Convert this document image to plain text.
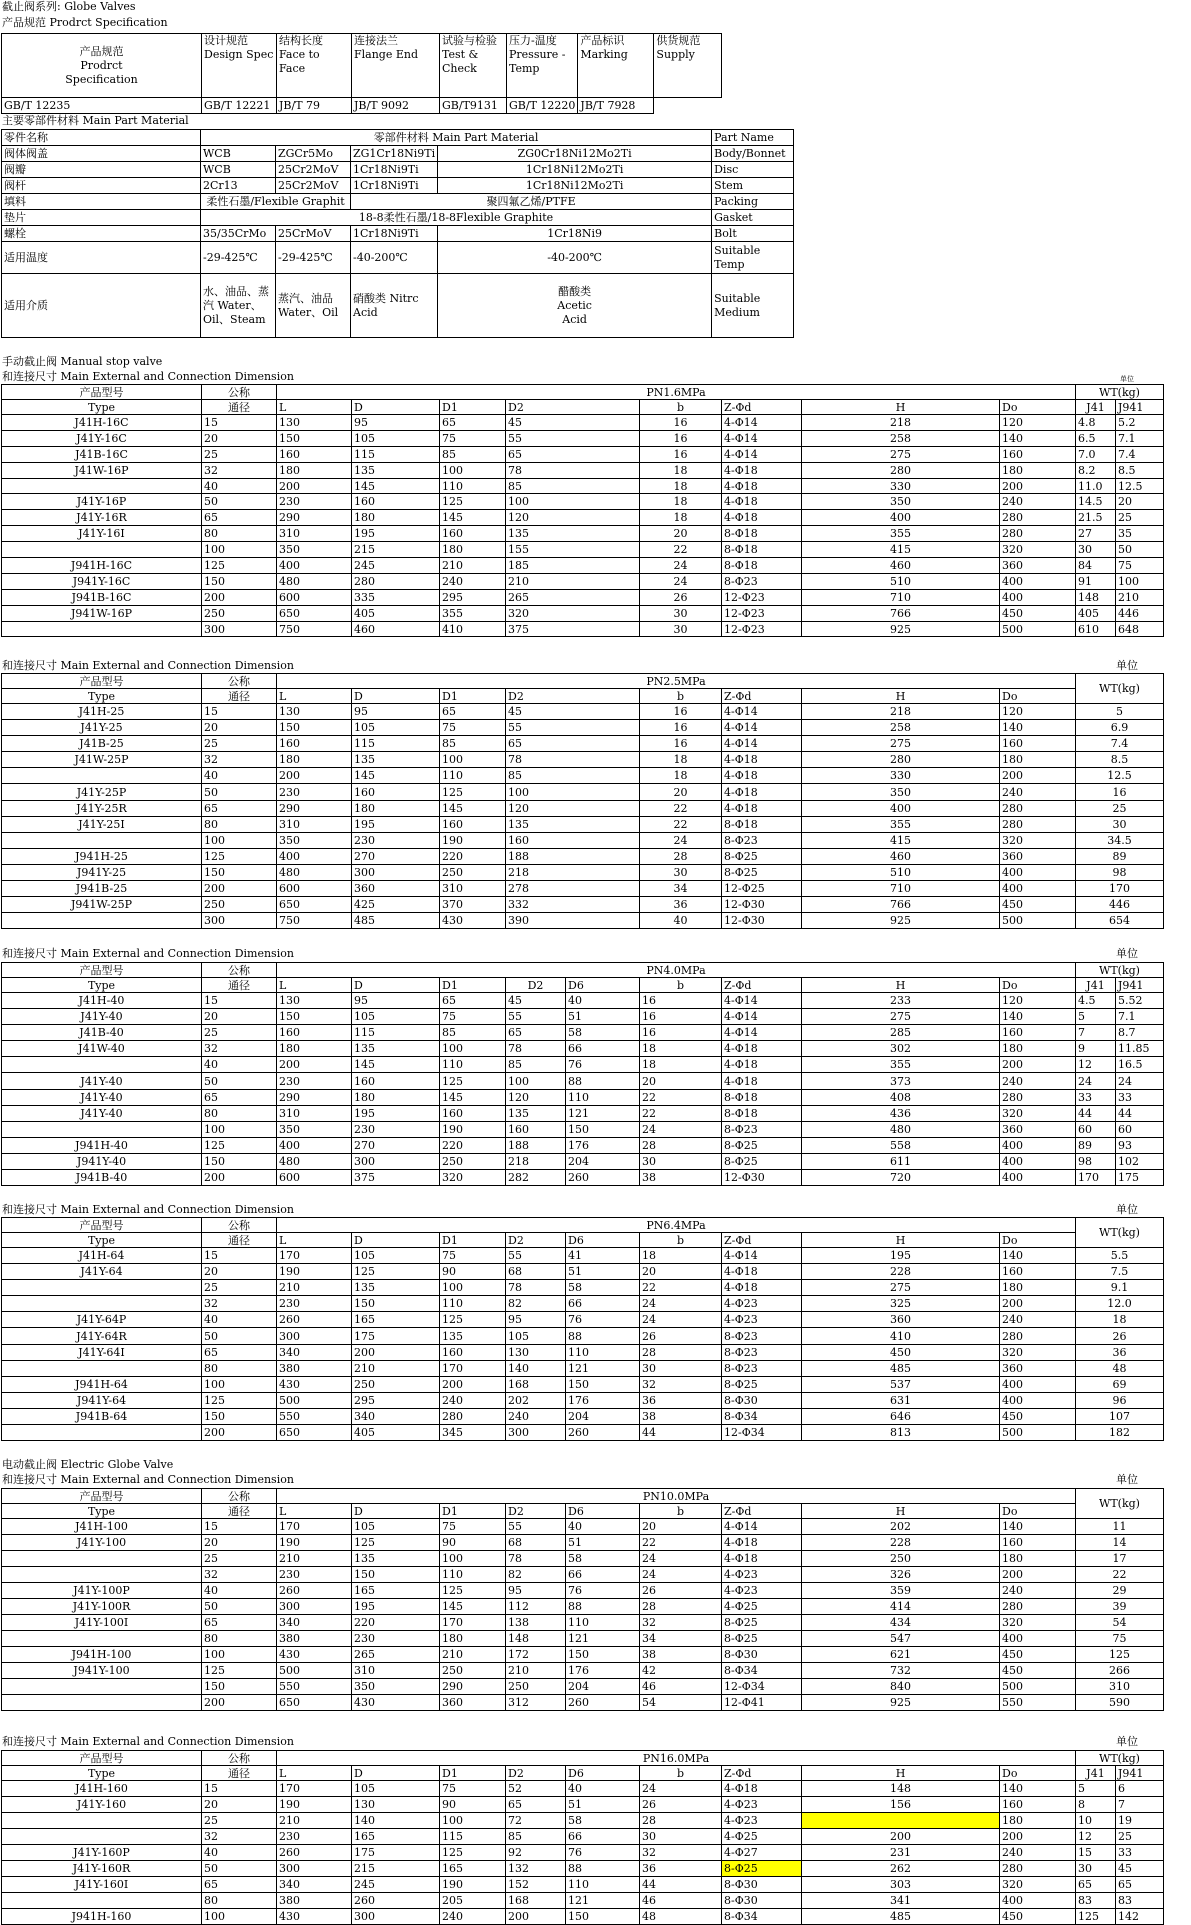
截止阀系列: Globe Valves
产品规范 Prodrct Specification
产品规范
Prodrct
Specification	设计规范 Design Spec	结构长度 Face to Face	连接法兰 Flange End	试验与检验 Test & Check	压力-温度 Pressure -Temp	产品标识 Marking	供货规范 Supply
GB/T 12235	GB/T 12221	JB/T 79	JB/T 9092	GB/T9131	GB/T 12220	JB/T 7928	
主要零部件材料 Main Part Material
零件名称	零部件材料 Main Part Material				Part Name
阀体阀盖	WCB	ZGCr5Mo	ZG1Cr18Ni9Ti	ZG0Cr18Ni12Mo2Ti	Body/Bonnet
阀瓣	WCB	25Cr2MoV	1Cr18Ni9Ti	1Cr18Ni12Mo2Ti	Disc
阀杆	2Cr13	25Cr2MoV	1Cr18Ni9Ti	1Cr18Ni12Mo2Ti	Stem
填料	柔性石墨/Flexible Graphit		聚四氟乙烯/PTFE		Packing
垫片	18-8柔性石墨/18-8Flexible Graphite				Gasket
螺栓	35/35CrMo	25CrMoV	1Cr18Ni9Ti	1Cr18Ni9	Bolt
适用温度	-29-425℃	-29-425℃	-40-200℃	-40-200℃	Suitable Temp
适用介质	水、油品、蒸汽 Water、Oil、Steam	蒸汽、油品 Water、Oil	硝酸类 Nitrc Acid	醋酸类 Acetic Acid	Suitable Medium
手动截止阀 Manual stop valve
电动截止阀 Electric Globe Valve
和连接尺寸 Main External and Connection Dimension	单位
产品型号	公称	PN1.6MPa								WT(kg)	
Type	通径	L	D	D1	D2	b	Z-Φd	H	Do	J41	J941
J41H-16C	15	130	95	65	45	16	4-Φ14	218	120	4.8	5.2
J41Y-16C	20	150	105	75	55	16	4-Φ14	258	140	6.5	7.1
J41B-16C	25	160	115	85	65	16	4-Φ14	275	160	7.0	7.4
J41W-16P	32	180	135	100	78	18	4-Φ18	280	180	8.2	8.5
	40	200	145	110	85	18	4-Φ18	330	200	11.0	12.5
J41Y-16P	50	230	160	125	100	18	4-Φ18	350	240	14.5	20
J41Y-16R	65	290	180	145	120	18	4-Φ18	400	280	21.5	25
J41Y-16I	80	310	195	160	135	20	8-Φ18	355	280	27	35
	100	350	215	180	155	22	8-Φ18	415	320	30	50
J941H-16C	125	400	245	210	185	24	8-Φ18	460	360	84	75
J941Y-16C	150	480	280	240	210	24	8-Φ23	510	400	91	100
J941B-16C	200	600	335	295	265	26	12-Φ23	710	400	148	210
J941W-16P	250	650	405	355	320	30	12-Φ23	766	450	405	446
	300	750	460	410	375	30	12-Φ23	925	500	610	648
和连接尺寸 Main External and Connection Dimension	单位
产品型号	公称	PN2.5MPa								WT(kg)
Type	通径	L	D	D1	D2	b	Z-Φd	H	Do	
J41H-25	15	130	95	65	45	16	4-Φ14	218	120	5
J41Y-25	20	150	105	75	55	16	4-Φ14	258	140	6.9
J41B-25	25	160	115	85	65	16	4-Φ14	275	160	7.4
J41W-25P	32	180	135	100	78	18	4-Φ18	280	180	8.5
	40	200	145	110	85	18	4-Φ18	330	200	12.5
J41Y-25P	50	230	160	125	100	20	4-Φ18	350	240	16
J41Y-25R	65	290	180	145	120	22	4-Φ18	400	280	25
J41Y-25I	80	310	195	160	135	22	8-Φ18	355	280	30
	100	350	230	190	160	24	8-Φ23	415	320	34.5
J941H-25	125	400	270	220	188	28	8-Φ25	460	360	89
J941Y-25	150	480	300	250	218	30	8-Φ25	510	400	98
J941B-25	200	600	360	310	278	34	12-Φ25	710	400	170
J941W-25P	250	650	425	370	332	36	12-Φ30	766	450	446
	300	750	485	430	390	40	12-Φ30	925	500	654
和连接尺寸 Main External and Connection Dimension	单位
产品型号	公称	PN4.0MPa									WT(kg)	
Type	通径	L	D	D1	D2	D6	b	Z-Φd	H	Do	J41	J941
J41H-40	15	130	95	65	45	40	16	4-Φ14	233	120	4.5	5.52
J41Y-40	20	150	105	75	55	51	16	4-Φ14	275	140	5	7.1
J41B-40	25	160	115	85	65	58	16	4-Φ14	285	160	7	8.7
J41W-40	32	180	135	100	78	66	18	4-Φ18	302	180	9	11.85
	40	200	145	110	85	76	18	4-Φ18	355	200	12	16.5
J41Y-40	50	230	160	125	100	88	20	4-Φ18	373	240	24	24
J41Y-40	65	290	180	145	120	110	22	8-Φ18	408	280	33	33
J41Y-40	80	310	195	160	135	121	22	8-Φ18	436	320	44	44
	100	350	230	190	160	150	24	8-Φ23	480	360	60	60
J941H-40	125	400	270	220	188	176	28	8-Φ25	558	400	89	93
J941Y-40	150	480	300	250	218	204	30	8-Φ25	611	400	98	102
J941B-40	200	600	375	320	282	260	38	12-Φ30	720	400	170	175
和连接尺寸 Main External and Connection Dimension	单位
产品型号	公称	PN6.4MPa									WT(kg)
Type	通径	L	D	D1	D2	D6	b	Z-Φd	H	Do	
J41H-64	15	170	105	75	55	41	18	4-Φ14	195	140	5.5
J41Y-64	20	190	125	90	68	51	20	4-Φ18	228	160	7.5
	25	210	135	100	78	58	22	4-Φ18	275	180	9.1
	32	230	150	110	82	66	24	4-Φ23	325	200	12.0
J41Y-64P	40	260	165	125	95	76	24	4-Φ23	360	240	18
J41Y-64R	50	300	175	135	105	88	26	8-Φ23	410	280	26
J41Y-64I	65	340	200	160	130	110	28	8-Φ23	450	320	36
	80	380	210	170	140	121	30	8-Φ23	485	360	48
J941H-64	100	430	250	200	168	150	32	8-Φ25	537	400	69
J941Y-64	125	500	295	240	202	176	36	8-Φ30	631	400	96
J941B-64	150	550	340	280	240	204	38	8-Φ34	646	450	107
	200	650	405	345	300	260	44	12-Φ34	813	500	182
和连接尺寸 Main External and Connection Dimension	单位
产品型号	公称	PN10.0MPa									WT(kg)
Type	通径	L	D	D1	D2	D6	b	Z-Φd	H	Do	
J41H-100	15	170	105	75	55	40	20	4-Φ14	202	140	11
J41Y-100	20	190	125	90	68	51	22	4-Φ18	228	160	14
	25	210	135	100	78	58	24	4-Φ18	250	180	17
	32	230	150	110	82	66	24	4-Φ23	326	200	22
J41Y-100P	40	260	165	125	95	76	26	4-Φ23	359	240	29
J41Y-100R	50	300	195	145	112	88	28	4-Φ25	414	280	39
J41Y-100I	65	340	220	170	138	110	32	8-Φ25	434	320	54
	80	380	230	180	148	121	34	8-Φ25	547	400	75
J941H-100	100	430	265	210	172	150	38	8-Φ30	621	450	125
J941Y-100	125	500	310	250	210	176	42	8-Φ34	732	450	266
	150	550	350	290	250	204	46	12-Φ34	840	500	310
	200	650	430	360	312	260	54	12-Φ41	925	550	590
和连接尺寸 Main External and Connection Dimension	单位
产品型号	公称	PN16.0MPa									WT(kg)	
Type	通径	L	D	D1	D2	D6	b	Z-Φd	H	Do	J41	J941
J41H-160	15	170	105	75	52	40	24	4-Φ18	148	140	5	6
J41Y-160	20	190	130	90	65	51	26	4-Φ23	156	160	8	7
	25	210	140	100	72	58	28	4-Φ23		180	10	19
	32	230	165	115	85	66	30	4-Φ25	200	200	12	25
J41Y-160P	40	260	175	125	92	76	32	4-Φ27	231	240	15	33
J41Y-160R	50	300	215	165	132	88	36	8-Φ25	262	280	30	45
J41Y-160I	65	340	245	190	152	110	44	8-Φ30	303	320	65	65
	80	380	260	205	168	121	46	8-Φ30	341	400	83	83
J941H-160	100	430	300	240	200	150	48	8-Φ34	485	450	125	142
